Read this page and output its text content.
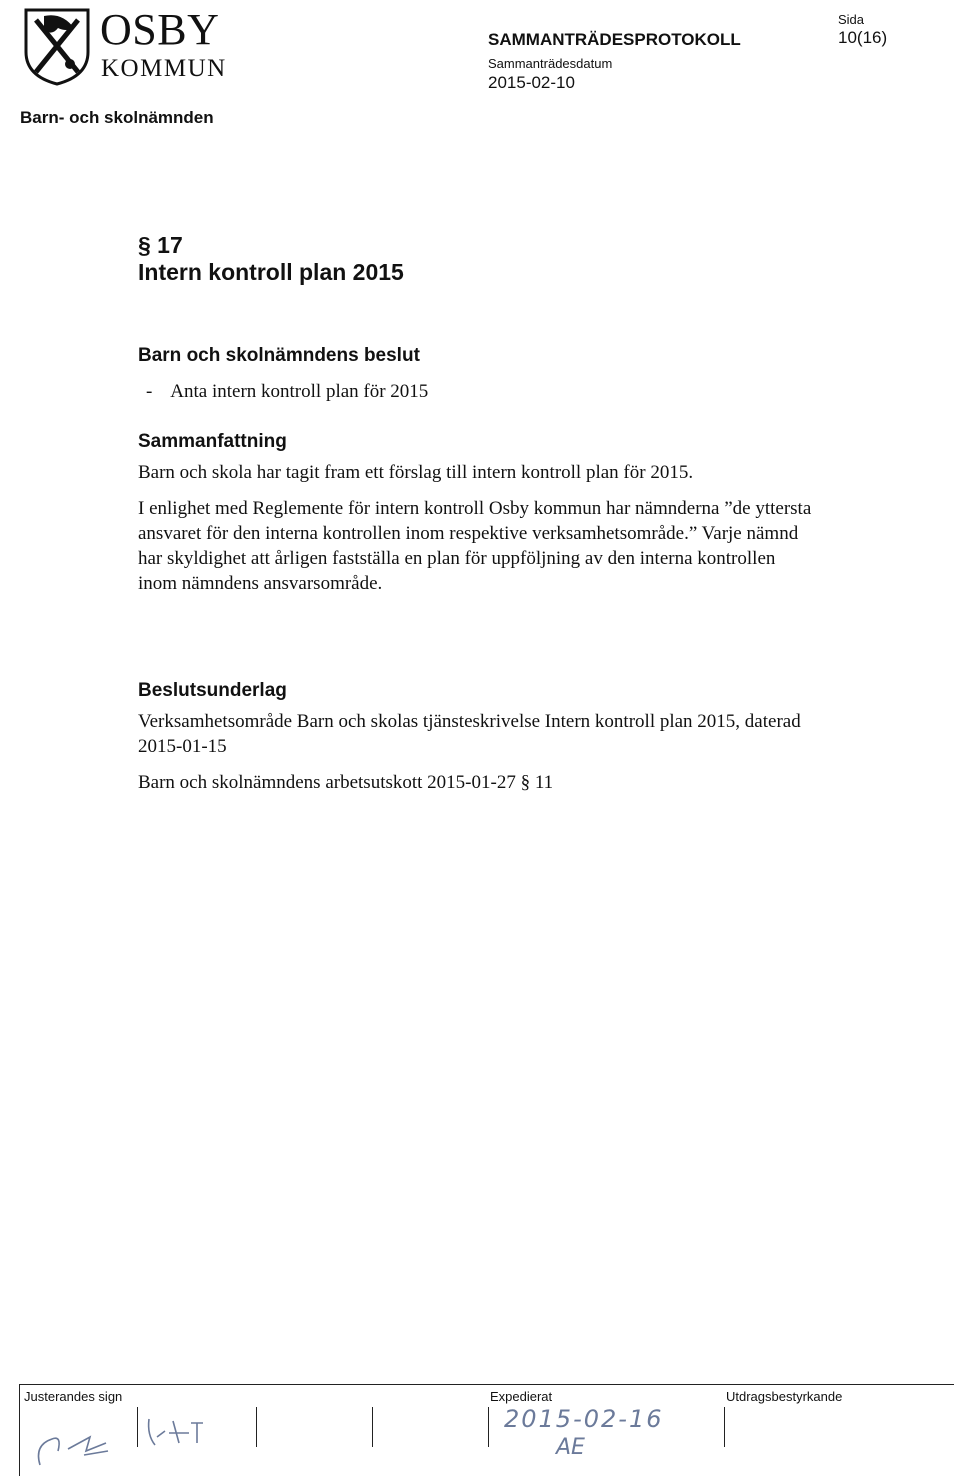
OSBY
KOMMUN
Barn- och skolnämnden
SAMMANTRÄDESPROTOKOLL
Sammanträdesdatum
2015-02-10
Sida
10(16)
§ 17
Intern kontroll plan 2015
Barn och skolnämndens beslut
-    Anta intern kontroll plan för 2015
Sammanfattning

Barn och skola har tagit fram ett förslag till intern kontroll plan för 2015.

I enlighet med Reglemente för intern kontroll Osby kommun har nämnderna ”de yttersta ansvaret för den interna kontrollen inom respektive verksamhetsområde.” Varje nämnd har skyldighet att årligen fastställa en plan för uppföljning av den interna kontrollen inom nämndens ansvarsområde.

Beslutsunderlag

Verksamhetsområde Barn och skolas tjänsteskrivelse Intern kontroll plan 2015, daterad 2015-01-15

Barn och skolnämndens arbetsutskott 2015-01-27 § 11

Justerandes sign	Expedierat	Utdragsbestyrkande
2015-02-16
AE
